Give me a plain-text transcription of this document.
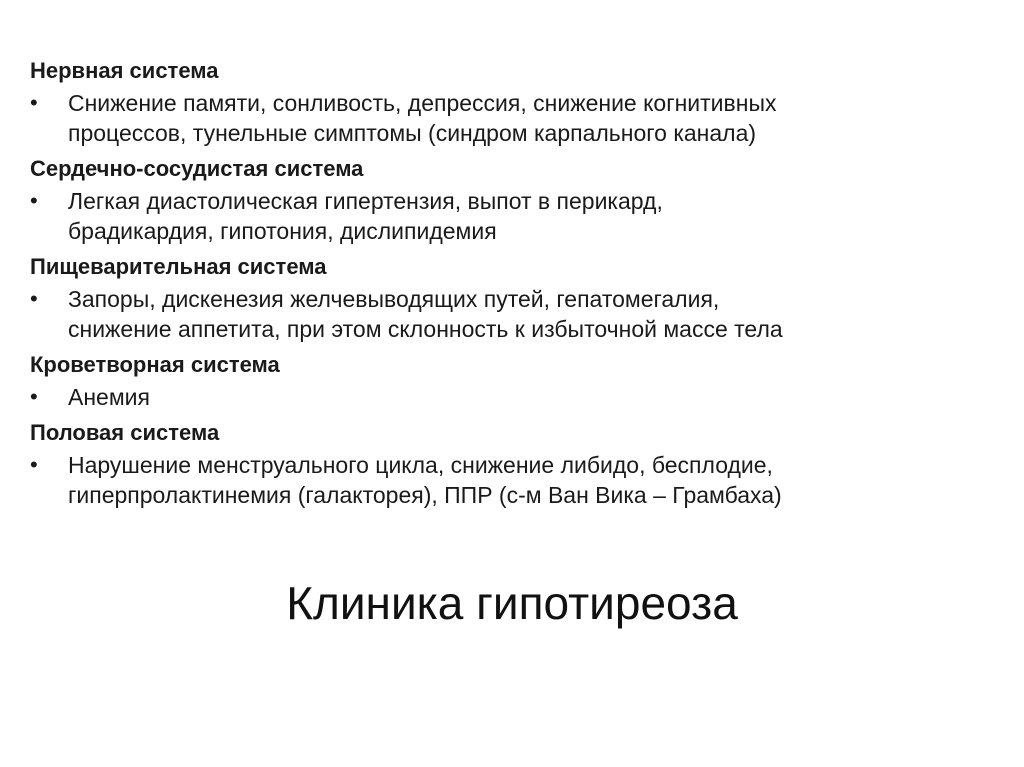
Нервная система
•	Снижение памяти, сонливость, депрессия, снижение когнитивных
процессов, тунельные симптомы (синдром карпального канала)
Сердечно-сосудистая система
•	Легкая диастолическая гипертензия, выпот в перикард,
брадикардия, гипотония, дислипидемия
Пищеварительная система
•	Запоры, дискенезия желчевыводящих путей, гепатомегалия,
снижение аппетита, при этом склонность к избыточной массе тела
Кроветворная система
•	Анемия
Половая система
•	Нарушение менструального цикла, снижение либидо, бесплодие,
гиперпролактинемия (галакторея), ППР (с-м Ван Вика – Грамбаха)
Клиника гипотиреоза
